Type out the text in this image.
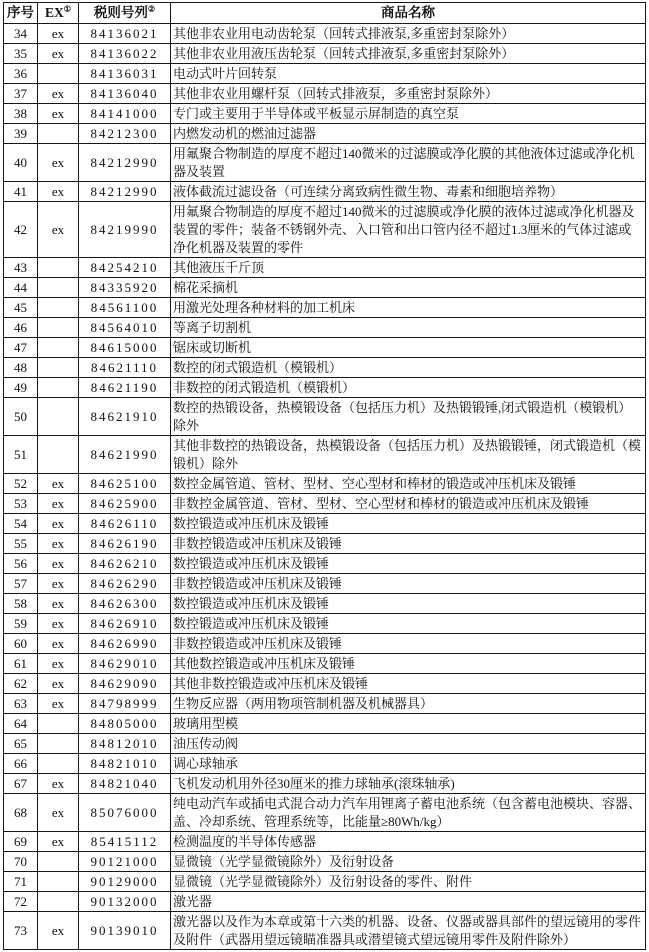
序号	EX①	税则号列②	商品名称
34	ex	84136021	其他非农业用电动齿轮泵（回转式排液泵,多重密封泵除外）
35	ex	84136022	其他非农业用液压齿轮泵（回转式排液泵,多重密封泵除外）
36		84136031	电动式叶片回转泵
37	ex	84136040	其他非农业用螺杆泵（回转式排液泵，多重密封泵除外）
38	ex	84141000	专门或主要用于半导体或平板显示屏制造的真空泵
39		84212300	内燃发动机的燃油过滤器
40	ex	84212990	用氟聚合物制造的厚度不超过140微米的过滤膜或净化膜的其他液体过滤或净化机器及装置
41	ex	84212990	液体截流过滤设备（可连续分离致病性微生物、毒素和细胞培养物）
42	ex	84219990	用氟聚合物制造的厚度不超过140微米的过滤膜或净化膜的液体过滤或净化机器及装置的零件；装备不锈钢外壳、入口管和出口管内径不超过1.3厘米的气体过滤或净化机器及装置的零件
43		84254210	其他液压千斤顶
44		84335920	棉花采摘机
45		84561100	用激光处理各种材料的加工机床
46		84564010	等离子切割机
47		84615000	锯床或切断机
48		84621110	数控的闭式锻造机（模锻机）
49		84621190	非数控的闭式锻造机（模锻机）
50		84621910	数控的热锻设备，热模锻设备（包括压力机）及热锻锻锤,闭式锻造机（模锻机）除外
51		84621990	其他非数控的热锻设备，热模锻设备（包括压力机）及热锻锻锤，闭式锻造机（模锻机）除外
52	ex	84625100	数控金属管道、管材、型材、空心型材和棒材的锻造或冲压机床及锻锤
53	ex	84625900	非数控金属管道、管材、型材、空心型材和棒材的锻造或冲压机床及锻锤
54	ex	84626110	数控锻造或冲压机床及锻锤
55	ex	84626190	非数控锻造或冲压机床及锻锤
56	ex	84626210	数控锻造或冲压机床及锻锤
57	ex	84626290	非数控锻造或冲压机床及锻锤
58	ex	84626300	数控锻造或冲压机床及锻锤
59	ex	84626910	数控锻造或冲压机床及锻锤
60	ex	84626990	非数控锻造或冲压机床及锻锤
61	ex	84629010	其他数控锻造或冲压机床及锻锤
62	ex	84629090	其他非数控锻造或冲压机床及锻锤
63	ex	84798999	生物反应器（两用物项管制机器及机械器具）
64		84805000	玻璃用型模
65		84812010	油压传动阀
66		84821010	调心球轴承
67	ex	84821040	飞机发动机用外径30厘米的推力球轴承(滚珠轴承)
68	ex	85076000	纯电动汽车或插电式混合动力汽车用锂离子蓄电池系统（包含蓄电池模块、容器、盖、冷却系统、管理系统等，比能量≥80Wh/kg）
69	ex	85415112	检测温度的半导体传感器
70		90121000	显微镜（光学显微镜除外）及衍射设备
71		90129000	显微镜（光学显微镜除外）及衍射设备的零件、附件
72		90132000	激光器
73	ex	90139010	激光器以及作为本章或第十六类的机器、设备、仪器或器具部件的望远镜用的零件及附件（武器用望远镜瞄准器具或潜望镜式望远镜用零件及附件除外）
